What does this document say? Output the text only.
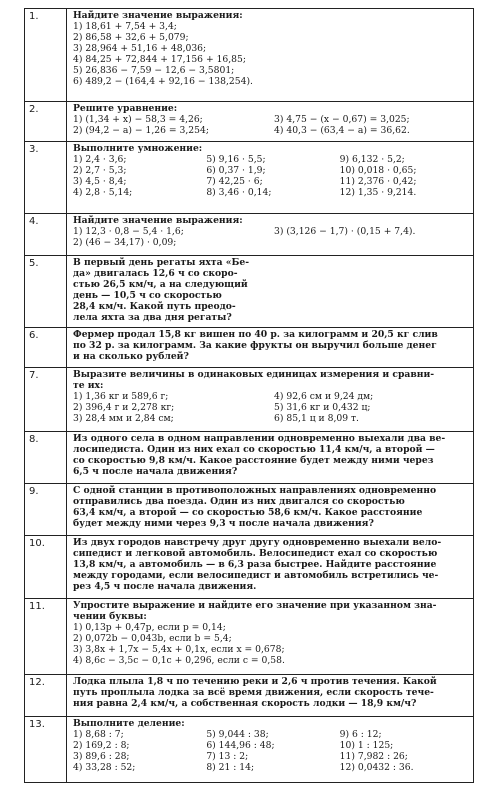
1.	Найдите значение выражения:
1) 18,61 + 7,54 + 3,4;
2) 86,58 + 32,6 + 5,079;
3) 28,964 + 51,16 + 48,036;
4) 84,25 + 72,844 + 17,156 + 16,85;
5) 26,836 − 7,59 − 12,6 − 3,5801;
6) 489,2 − (164,4 + 92,16 − 138,254).
2.	Решите уравнение:
1) (1,34 + x) − 58,3 = 4,26;	3) 4,75 − (x − 0,67) = 3,025;
2) (94,2 − a) − 1,26 = 3,254;	4) 40,3 − (63,4 − a) = 36,62.
3.	Выполните умножение:
1) 2,4 · 3,6;	5) 9,16 · 5,5;	9) 6,132 · 5,2;
2) 2,7 · 5,3;	6) 0,37 · 1,9;	10) 0,018 · 0,65;
3) 4,5 · 8,4;	7) 42,25 · 6;	11) 2,376 · 0,42;
4) 2,8 · 5,14;	8) 3,46 · 0,14;	12) 1,35 · 9,214.
4.	Найдите значение выражения:
1) 12,3 · 0,8 − 5,4 · 1,6;	3) (3,126 − 1,7) · (0,15 + 7,4).
2) (46 − 34,17) · 0,09;
5.	В первый день регаты яхта «Бе-
да» двигалась 12,6 ч со скоро-
стью 26,5 км/ч, а на следующий
день — 10,5 ч со скоростью
28,4 км/ч. Какой путь преодо-
лела яхта за два дня регаты?
6.	Фермер продал 15,8 кг вишен по 40 р. за килограмм и 20,5 кг слив
по 32 р. за килограмм. За какие фрукты он выручил больше денег
и на сколько рублей?
7.	Выразите величины в одинаковых единицах измерения и сравни-
те их:
1) 1,36 кг и 589,6 г;	4) 92,6 см и 9,24 дм;
2) 396,4 г и 2,278 кг;	5) 31,6 кг и 0,432 ц;
3) 28,4 мм и 2,84 см;	6) 85,1 ц и 8,09 т.
8.	Из одного села в одном направлении одновременно выехали два ве-
лосипедиста. Один из них ехал со скоростью 11,4 км/ч, а второй —
со скоростью 9,8 км/ч. Какое расстояние будет между ними через
6,5 ч после начала движения?
9.	С одной станции в противоположных направлениях одновременно
отправились два поезда. Один из них двигался со скоростью
63,4 км/ч, а второй — со скоростью 58,6 км/ч. Какое расстояние
будет между ними через 9,3 ч после начала движения?
10.	Из двух городов навстречу друг другу одновременно выехали вело-
сипедист и легковой автомобиль. Велосипедист ехал со скоростью
13,8 км/ч, а автомобиль — в 6,3 раза быстрее. Найдите расстояние
между городами, если велосипедист и автомобиль встретились че-
рез 4,5 ч после начала движения.
11.	Упростите выражение и найдите его значение при указанном зна-
чении буквы:
1) 0,13p + 0,47p, если p = 0,14;
2) 0,072b − 0,043b, если b = 5,4;
3) 3,8x + 1,7x − 5,4x + 0,1x, если x = 0,678;
4) 8,6c − 3,5c − 0,1c + 0,296, если c = 0,58.
12.	Лодка плыла 1,8 ч по течению реки и 2,6 ч против течения. Какой
путь проплыла лодка за всё время движения, если скорость тече-
ния равна 2,4 км/ч, а собственная скорость лодки — 18,9 км/ч?
13.	Выполните деление:
1) 8,68 : 7;	5) 9,044 : 38;	9) 6 : 12;
2) 169,2 : 8;	6) 144,96 : 48;	10) 1 : 125;
3) 89,6 : 28;	7) 13 : 2;	11) 7,982 : 26;
4) 33,28 : 52;	8) 21 : 14;	12) 0,0432 : 36.
